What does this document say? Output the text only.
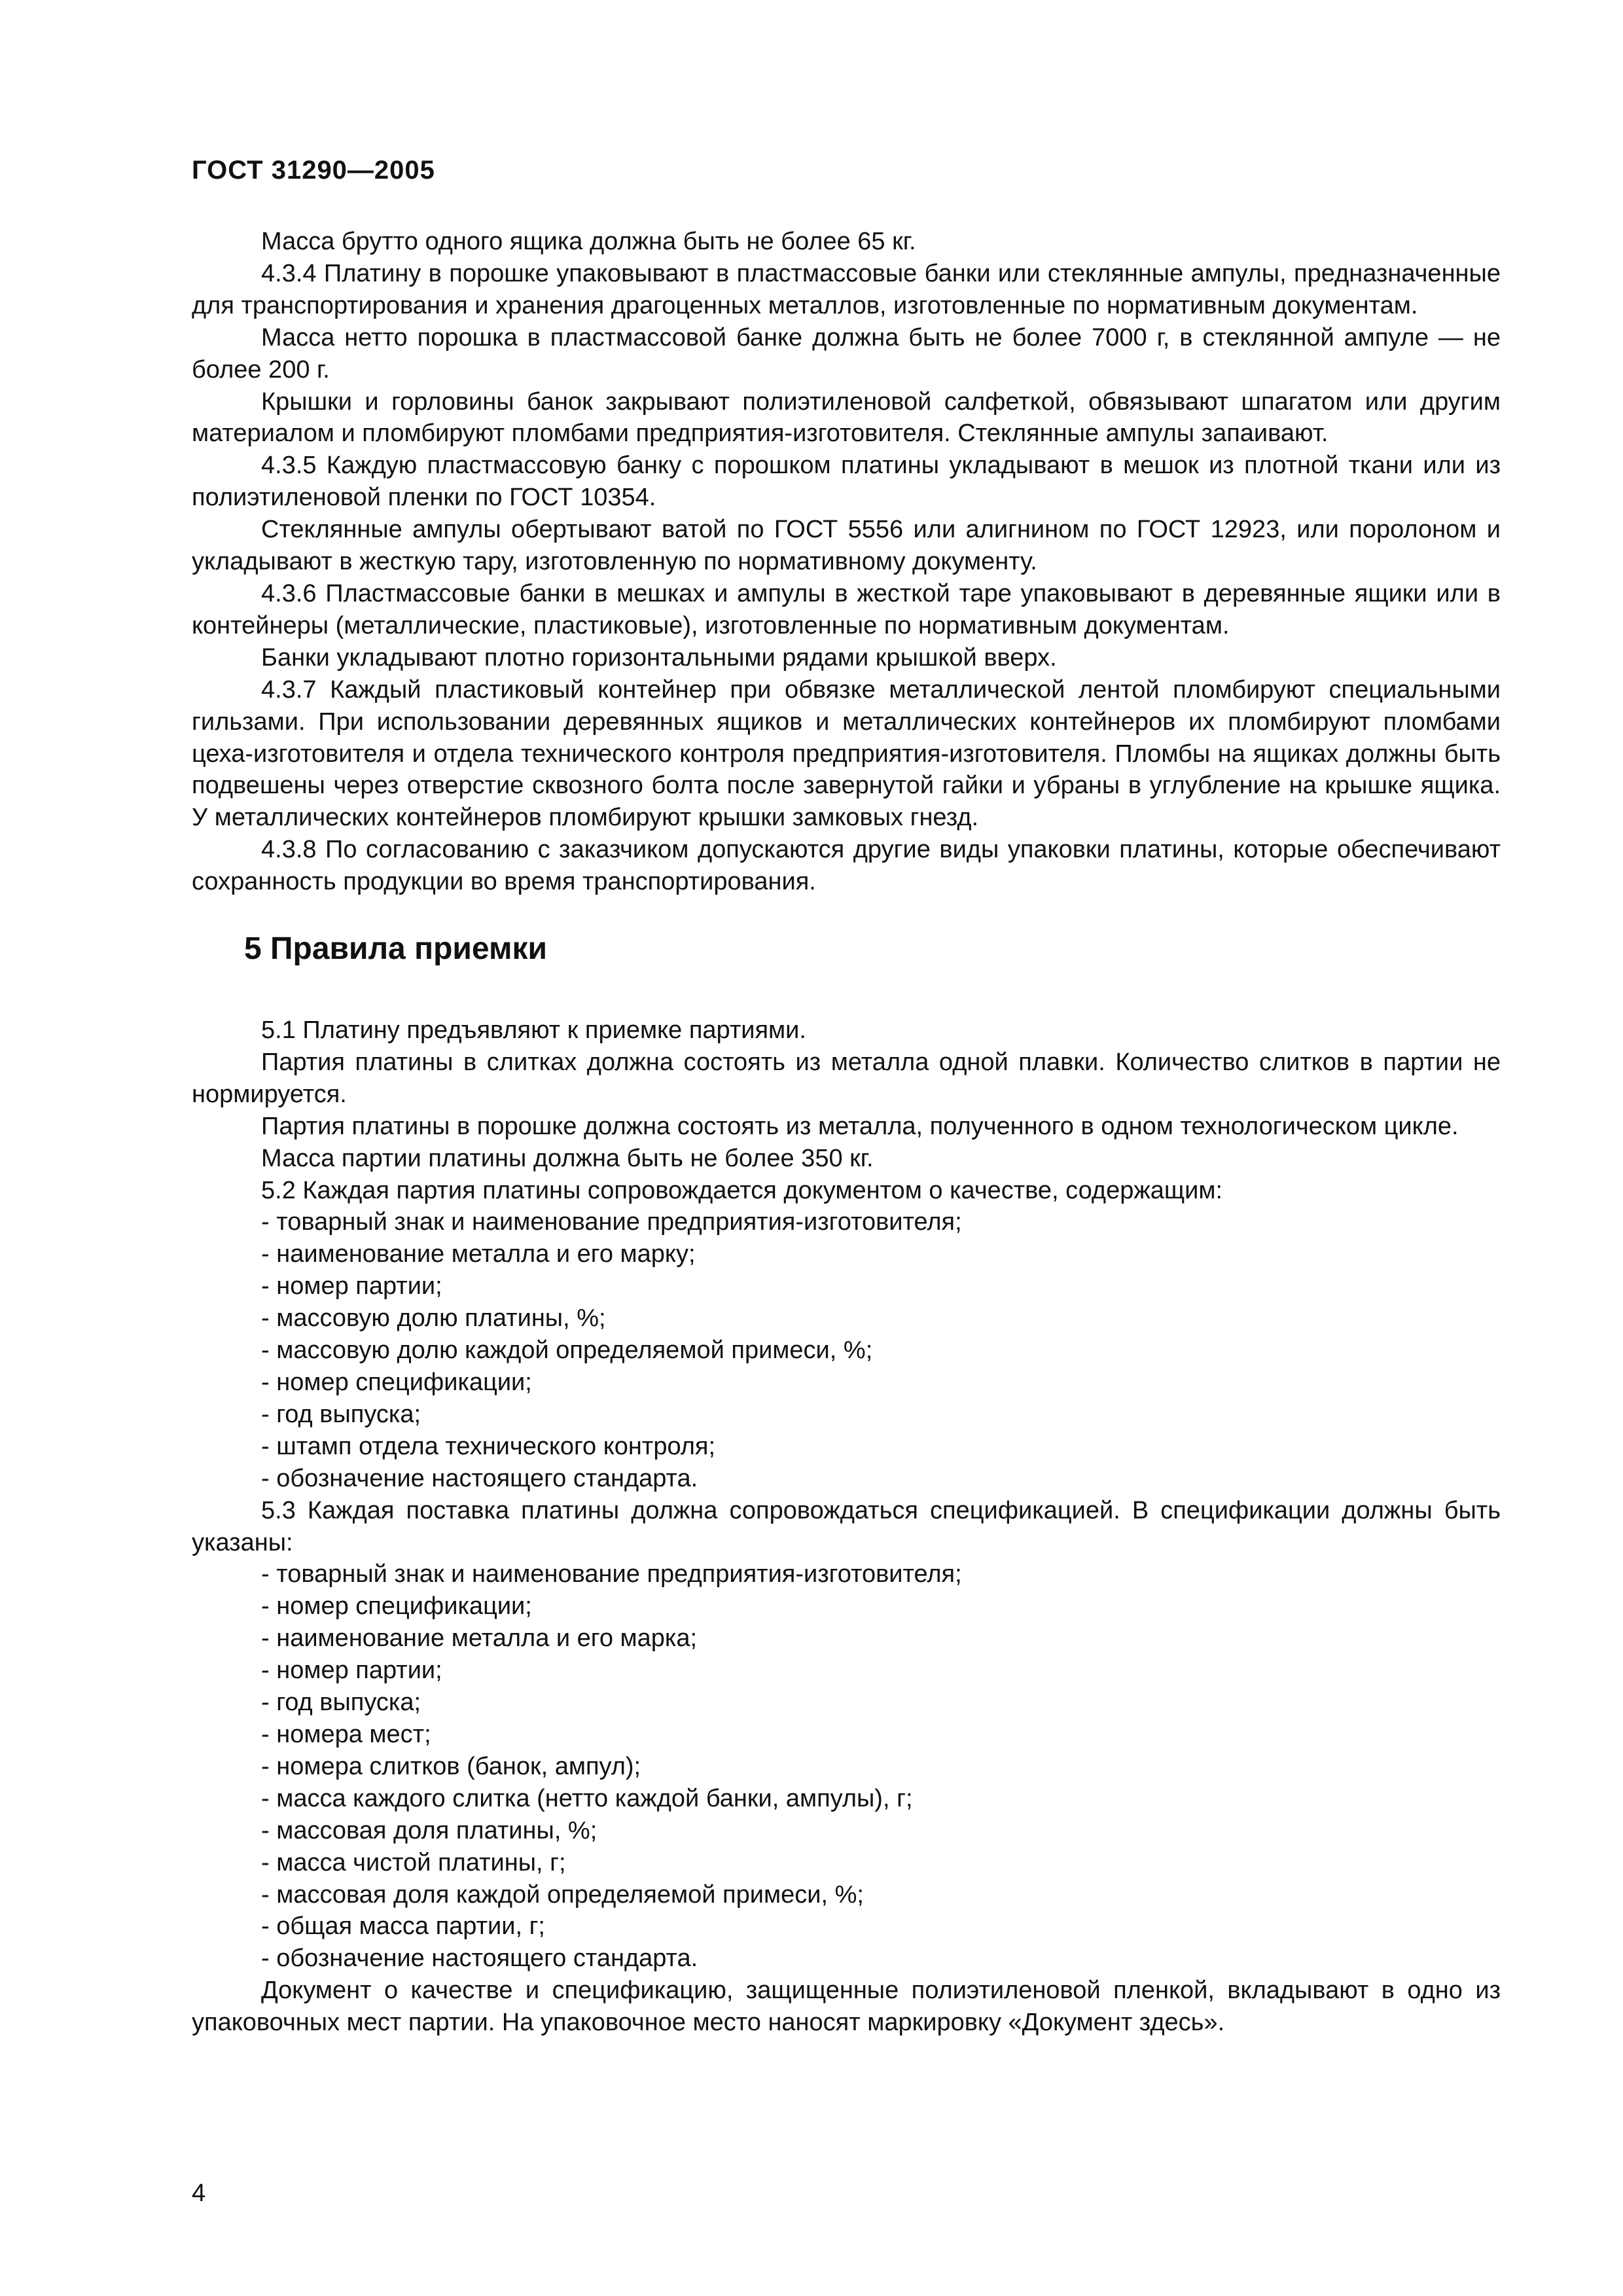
ГОСТ 31290—2005

Масса брутто одного ящика должна быть не более 65 кг.

4.3.4 Платину в порошке упаковывают в пластмассовые банки или стеклянные ампулы, предназначенные для транспортирования и хранения драгоценных металлов, изготовленные по нормативным документам.

Масса нетто порошка в пластмассовой банке должна быть не более 7000 г, в стеклянной ампуле — не более 200 г.

Крышки и горловины банок закрывают полиэтиленовой салфеткой, обвязывают шпагатом или другим материалом и пломбируют пломбами предприятия-изготовителя. Стеклянные ампулы запаивают.

4.3.5 Каждую пластмассовую банку с порошком платины укладывают в мешок из плотной ткани или из полиэтиленовой пленки по ГОСТ 10354.

Стеклянные ампулы обертывают ватой по ГОСТ 5556 или алигнином по ГОСТ 12923, или поролоном и укладывают в жесткую тару, изготовленную по нормативному документу.

4.3.6 Пластмассовые банки в мешках и ампулы в жесткой таре упаковывают в деревянные ящики или в контейнеры (металлические, пластиковые), изготовленные по нормативным документам.

Банки укладывают плотно горизонтальными рядами крышкой вверх.

4.3.7 Каждый пластиковый контейнер при обвязке металлической лентой пломбируют специальными гильзами. При использовании деревянных ящиков и металлических контейнеров их пломбируют пломбами цеха-изготовителя и отдела технического контроля предприятия-изготовителя. Пломбы на ящиках должны быть подвешены через отверстие сквозного болта после завернутой гайки и убраны в углубление на крышке ящика. У металлических контейнеров пломбируют крышки замковых гнезд.

4.3.8 По согласованию с заказчиком допускаются другие виды упаковки платины, которые обеспечивают сохранность продукции во время транспортирования.

5 Правила приемки

5.1 Платину предъявляют к приемке партиями.

Партия платины в слитках должна состоять из металла одной плавки. Количество слитков в партии не нормируется.

Партия платины в порошке должна состоять из металла, полученного в одном технологическом цикле.

Масса партии платины должна быть не более 350 кг.

5.2 Каждая партия платины сопровождается документом о качестве, содержащим:

- товарный знак и наименование предприятия-изготовителя;

- наименование металла и его марку;

- номер партии;

- массовую долю платины, %;

- массовую долю каждой определяемой примеси, %;

- номер спецификации;

- год выпуска;

- штамп отдела технического контроля;

- обозначение настоящего стандарта.

5.3 Каждая поставка платины должна сопровождаться спецификацией. В спецификации должны быть указаны:

- товарный знак и наименование предприятия-изготовителя;

- номер спецификации;

- наименование металла и его марка;

- номер партии;

- год выпуска;

- номера мест;

- номера слитков (банок, ампул);

- масса каждого слитка (нетто каждой банки, ампулы), г;

- массовая доля платины, %;

- масса чистой платины, г;

- массовая доля каждой определяемой примеси, %;

- общая масса партии, г;

- обозначение настоящего стандарта.

Документ о качестве и спецификацию, защищенные полиэтиленовой пленкой, вкладывают в одно из упаковочных мест партии. На упаковочное место наносят маркировку «Документ здесь».

4
